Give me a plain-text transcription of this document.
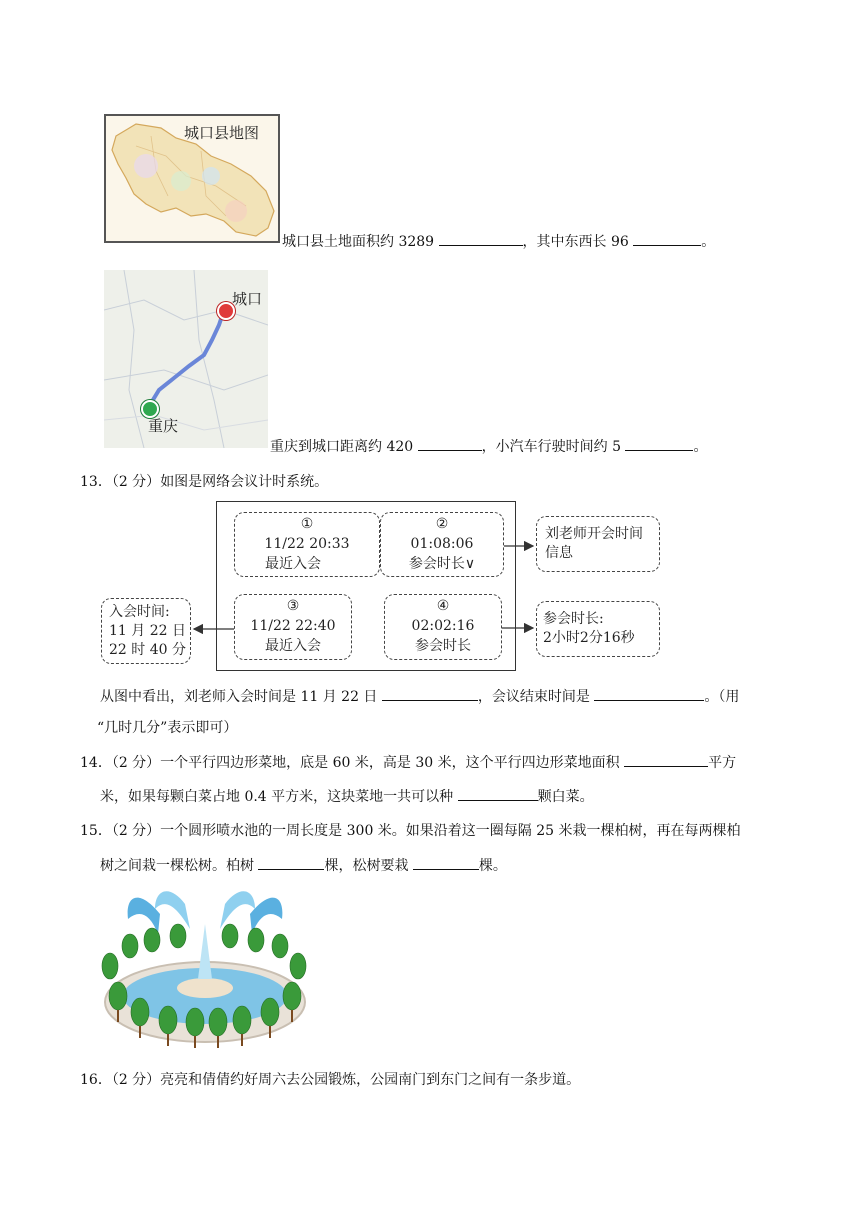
城口县地图
城口县土地面积约 3289	，其中东西长 96	。
城口
重庆
重庆到城口距离约 420	，小汽车行驶时间约 5	。
13．（2 分）如图是网络会议计时系统。
①
11/22 20:33
最近入会
②
01:08:06
参会时长∨
③
11/22 22:40
最近入会
④
02:02:16
参会时长
刘老师开会时间
信息
参会时长:
2小时2分16秒
入会时间:
11 月 22 日
22 时 40 分
从图中看出，刘老师入会时间是 11 月 22 日	，会议结束时间是	。（用
“几时几分”表示即可）
14．（2 分）一个平行四边形菜地，底是 60 米，高是 30 米，这个平行四边形菜地面积	平方
米，如果每颗白菜占地 0.4 平方米，这块菜地一共可以种	颗白菜。
15．（2 分）一个圆形喷水池的一周长度是 300 米。如果沿着这一圈每隔 25 米栽一棵柏树，再在每两棵柏
树之间栽一棵松树。柏树	棵，松树要栽	棵。
16．（2 分）亮亮和倩倩约好周六去公园锻炼，公园南门到东门之间有一条步道。
